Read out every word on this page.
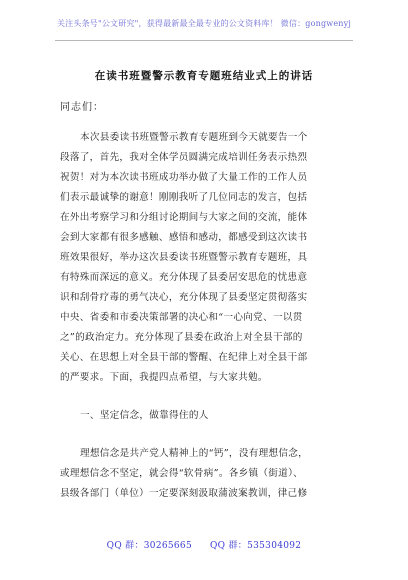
关注头条号"公文研究"，获得最新最全最专业的公文资料库！ 微信：gongwenyj
在读书班暨警示教育专题班结业式上的讲话
同志们：
本次县委读书班暨警示教育专题班到今天就要告一个
段落了，首先，我对全体学员圆满完成培训任务表示热烈
祝贺！对为本次读书班成功举办做了大量工作的工作人员
们表示最诚挚的谢意！刚刚我听了几位同志的发言，包括
在外出考察学习和分组讨论期间与大家之间的交流，能体
会到大家都有很多感触、感悟和感动，都感受到这次读书
班效果很好，举办这次县委读书班暨警示教育专题班，具
有特殊而深远的意义。充分体现了县委居安思危的忧患意
识和刮骨疗毒的勇气决心，充分体现了县委坚定贯彻落实
中央、省委和市委决策部署的决心和“一心向党、一以贯
之”的政治定力。充分体现了县委在政治上对全县干部的
关心、在思想上对全县干部的警醒、在纪律上对全县干部
的严要求。下面，我提四点希望，与大家共勉。
一、坚定信念，做靠得住的人
理想信念是共产党人精神上的“钙”，没有理想信念，
或理想信念不坚定，就会得“软骨病”。各乡镇（街道）、
县级各部门（单位）一定要深刻汲取蒲波案教训，律己修
QQ 群：30265665 QQ 群：535304092
